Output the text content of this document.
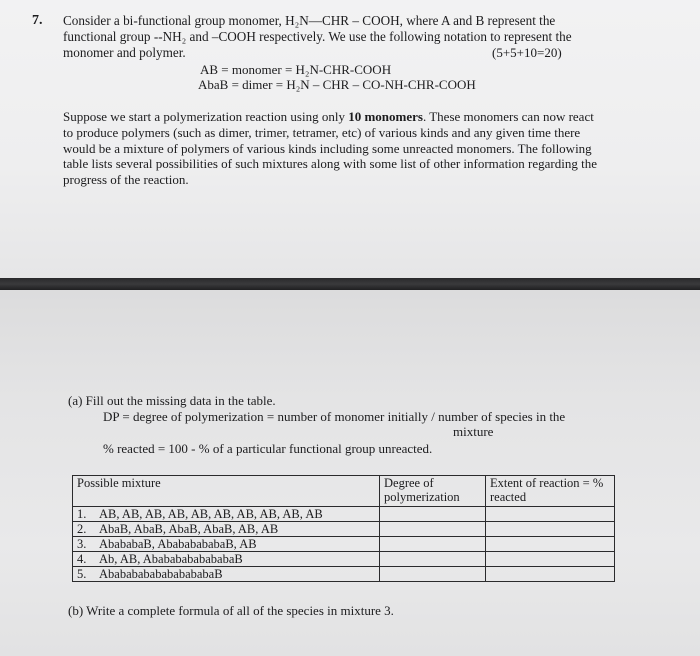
7. Consider a bi-functional group monomer, H₂N—CHR – COOH, where A and B represent the functional group --NH₂ and –COOH respectively. We use the following notation to represent the monomer and polymer.	(5+5+10=20)
AB = monomer = H₂N-CHR-COOH
AbaB = dimer = H₂N – CHR – CO-NH-CHR-COOH

Suppose we start a polymerization reaction using only 10 monomers. These monomers can now react to produce polymers (such as dimer, trimer, tetramer, etc) of various kinds and any given time there would be a mixture of polymers of various kinds including some unreacted monomers. The following table lists several possibilities of such mixtures along with some list of other information regarding the progress of the reaction.

(a) Fill out the missing data in the table.
DP = degree of polymerization = number of monomer initially / number of species in the
mixture
% reacted = 100 - % of a particular functional group unreacted.
Possible mixture	Degree of polymerization	Extent of reaction = % reacted
1. AB, AB, AB, AB, AB, AB, AB, AB, AB, AB		
2. AbaB, AbaB, AbaB, AbaB, AB, AB		
3. AbababaB, AbababababaB, AB		
4. Ab, AB, AbababababababaB		
5. AbababababababababaB		
(b) Write a complete formula of all of the species in mixture 3.
